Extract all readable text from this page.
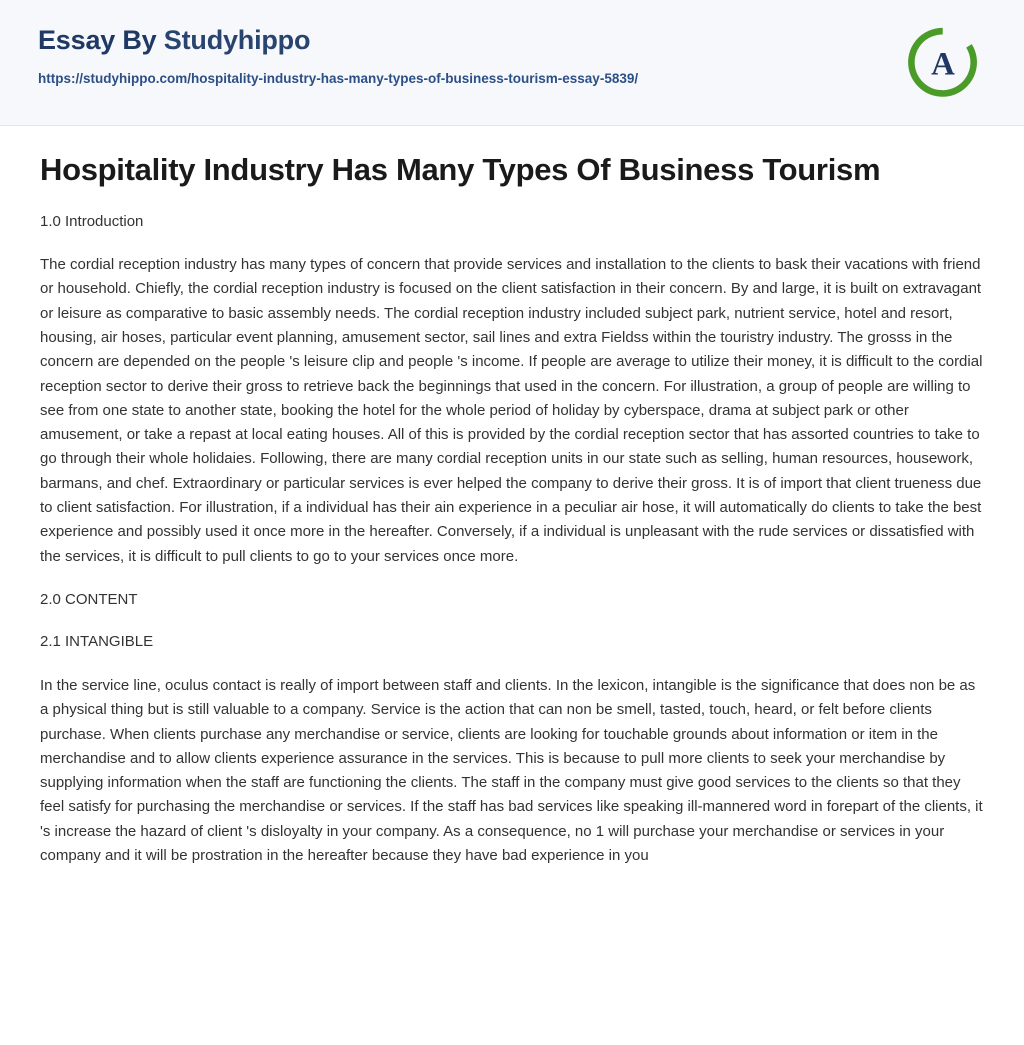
Essay By Studyhippo
https://studyhippo.com/hospitality-industry-has-many-types-of-business-tourism-essay-5839/	A
Hospitality Industry Has Many Types Of Business Tourism

1.0 Introduction

The cordial reception industry has many types of concern that provide services and installation to the clients to bask their vacations with friend or household. Chiefly, the cordial reception industry is focused on the client satisfaction in their concern. By and large, it is built on extravagant or leisure as comparative to basic assembly needs. The cordial reception industry included subject park, nutrient service, hotel and resort, housing, air hoses, particular event planning, amusement sector, sail lines and extra Fieldss within the touristry industry. The grosss in the concern are depended on the people 's leisure clip and people 's income. If people are average to utilize their money, it is difficult to the cordial reception sector to derive their gross to retrieve back the beginnings that used in the concern. For illustration, a group of people are willing to see from one state to another state, booking the hotel for the whole period of holiday by cyberspace, drama at subject park or other amusement, or take a repast at local eating houses. All of this is provided by the cordial reception sector that has assorted countries to take to go through their whole holidaies. Following, there are many cordial reception units in our state such as selling, human resources, housework, barmans, and chef. Extraordinary or particular services is ever helped the company to derive their gross. It is of import that client trueness due to client satisfaction. For illustration, if a individual has their ain experience in a peculiar air hose, it will automatically do clients to take the best experience and possibly used it once more in the hereafter. Conversely, if a individual is unpleasant with the rude services or dissatisfied with the services, it is difficult to pull clients to go to your services once more.

2.0 CONTENT

2.1 INTANGIBLE

In the service line, oculus contact is really of import between staff and clients. In the lexicon, intangible is the significance that does non be as a physical thing but is still valuable to a company. Service is the action that can non be smell, tasted, touch, heard, or felt before clients purchase. When clients purchase any merchandise or service, clients are looking for touchable grounds about information or item in the merchandise and to allow clients experience assurance in the services. This is because to pull more clients to seek your merchandise by supplying information when the staff are functioning the clients. The staff in the company must give good services to the clients so that they feel satisfy for purchasing the merchandise or services. If the staff has bad services like speaking ill-mannered word in forepart of the clients, it 's increase the hazard of client 's disloyalty in your company. As a consequence, no 1 will purchase your merchandise or services in your company and it will be prostration in the hereafter because they have bad experience in you
